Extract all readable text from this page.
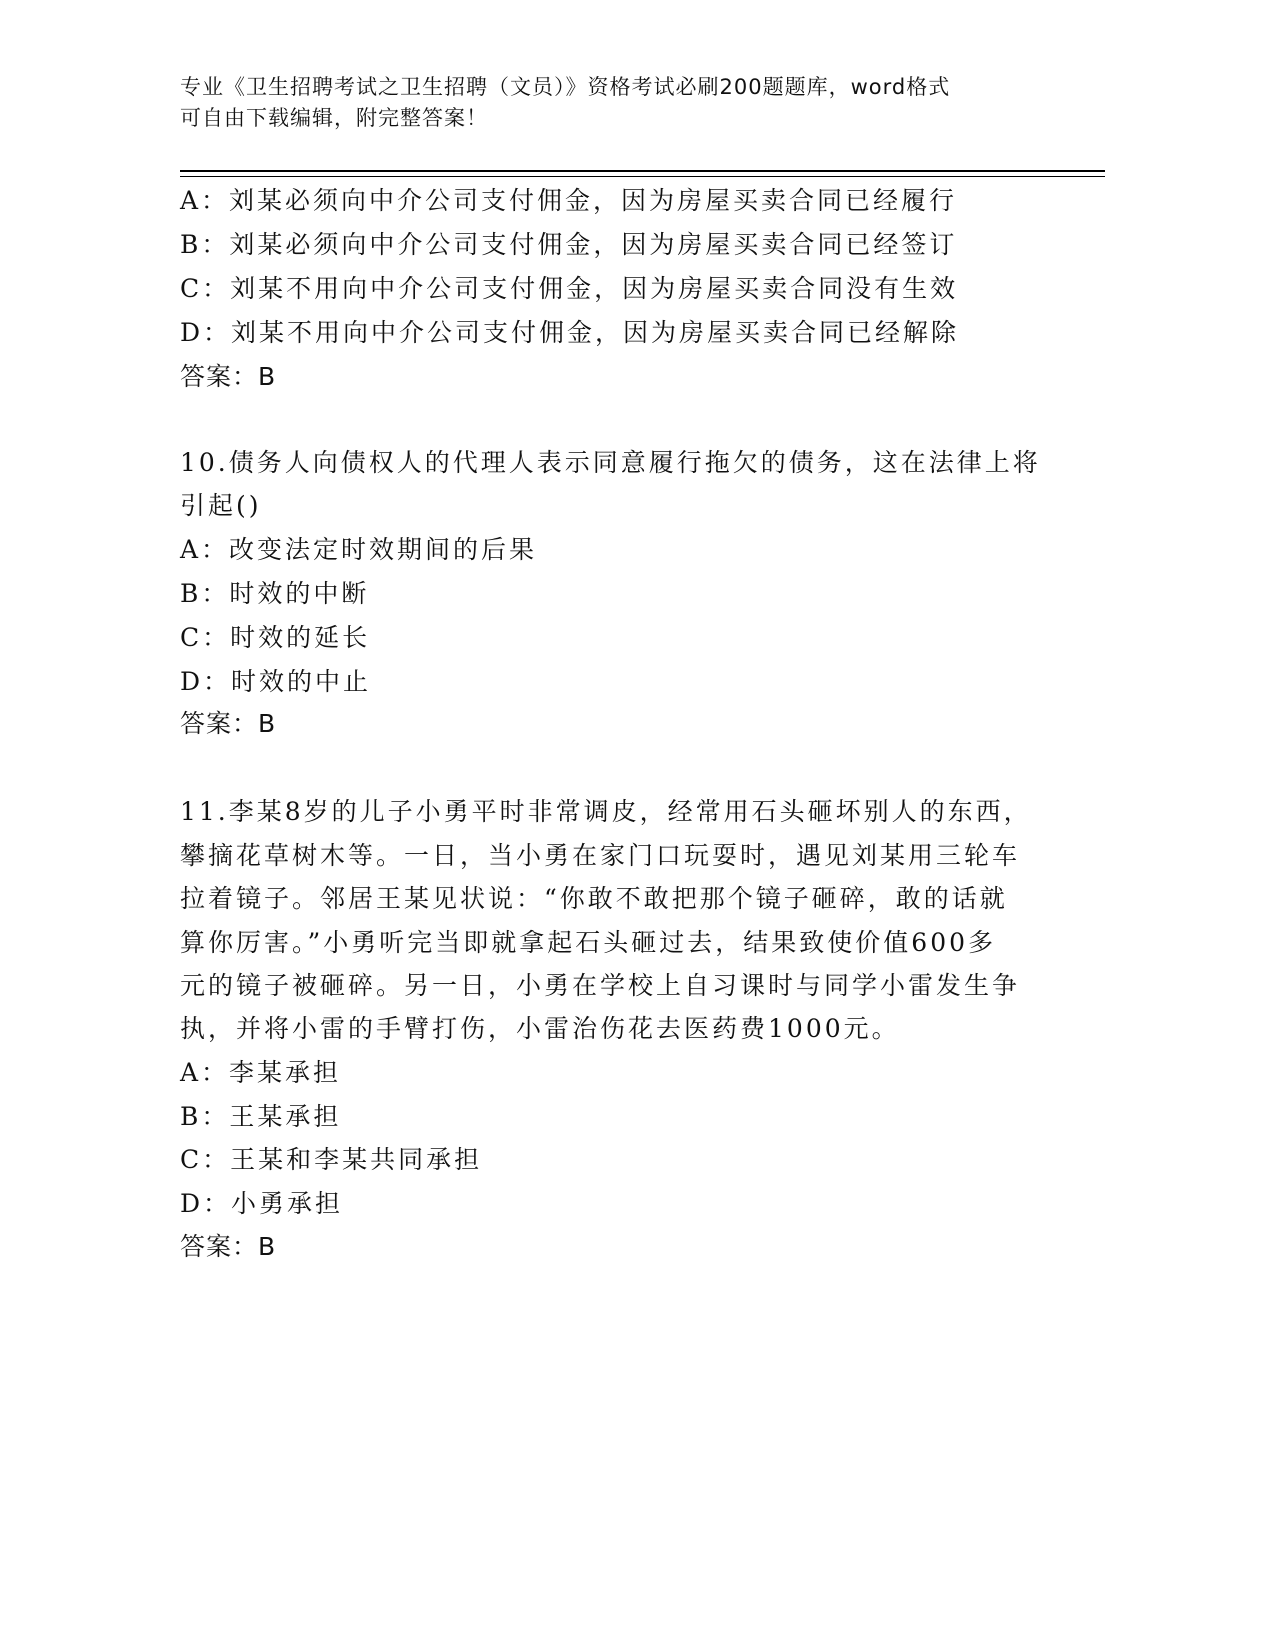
专业《卫生招聘考试之卫生招聘（文员）》资格考试必刷200题题库，word格式
可自由下载编辑，附完整答案！
A：刘某必须向中介公司支付佣金，因为房屋买卖合同已经履行
B：刘某必须向中介公司支付佣金，因为房屋买卖合同已经签订
C：刘某不用向中介公司支付佣金，因为房屋买卖合同没有生效
D：刘某不用向中介公司支付佣金，因为房屋买卖合同已经解除
答案：B
10.债务人向债权人的代理人表示同意履行拖欠的债务，这在法律上将
引起()
A：改变法定时效期间的后果
B：时效的中断
C：时效的延长
D：时效的中止
答案：B
11.李某8岁的儿子小勇平时非常调皮，经常用石头砸坏别人的东西，
攀摘花草树木等。一日，当小勇在家门口玩耍时，遇见刘某用三轮车
拉着镜子。邻居王某见状说：“你敢不敢把那个镜子砸碎，敢的话就
算你厉害。”小勇听完当即就拿起石头砸过去，结果致使价值600多
元的镜子被砸碎。另一日，小勇在学校上自习课时与同学小雷发生争
执，并将小雷的手臂打伤，小雷治伤花去医药费1000元。
A：李某承担
B：王某承担
C：王某和李某共同承担
D：小勇承担
答案：B
